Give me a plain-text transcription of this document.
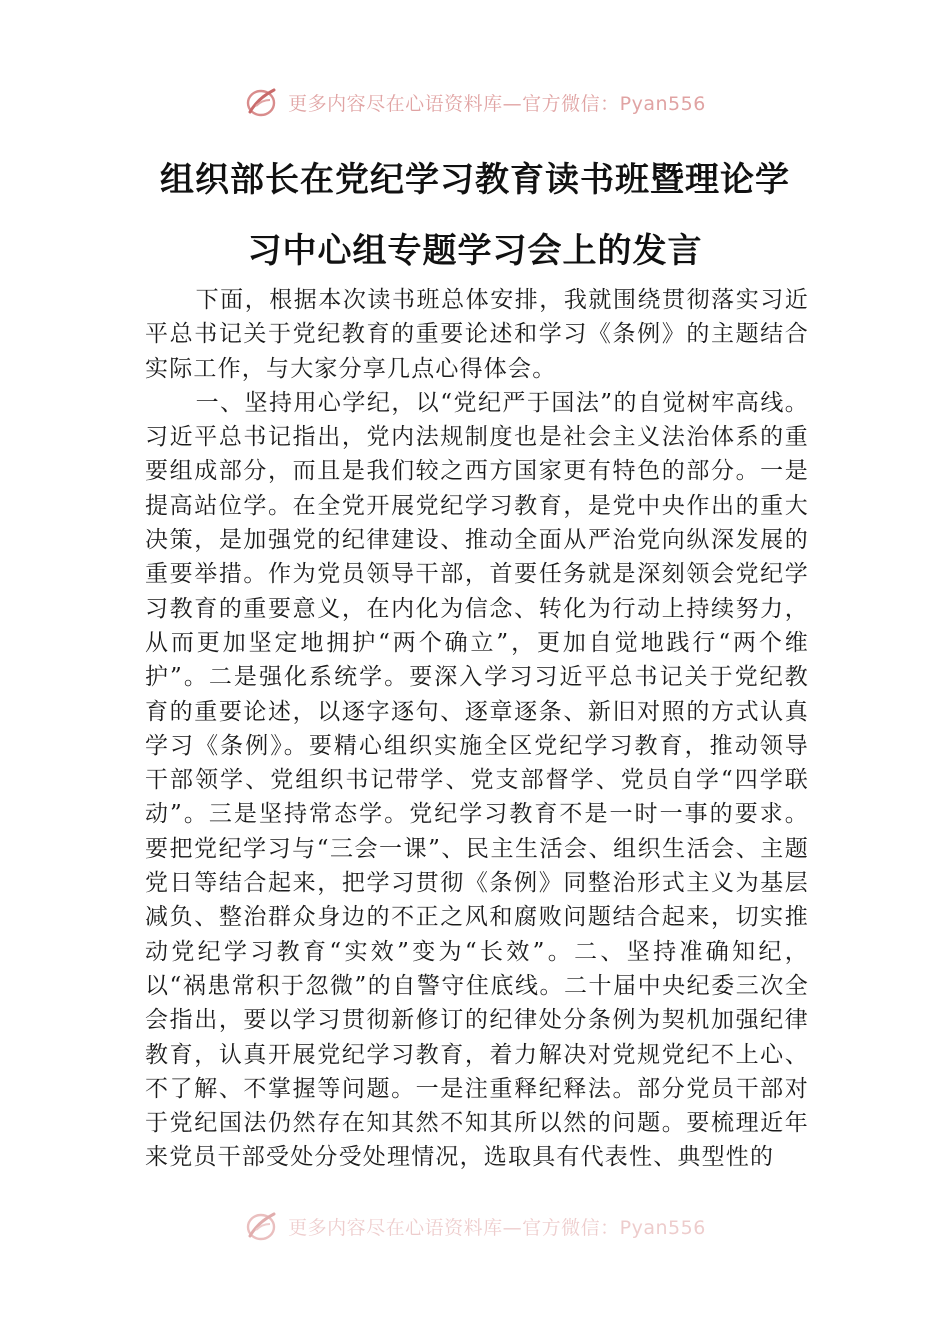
更多内容尽在心语资料库—官方微信：Pyan556
组织部长在党纪学习教育读书班暨理论学
习中心组专题学习会上的发言

下面，根据本次读书班总体安排，我就围绕贯彻落实习近平总书记关于党纪教育的重要论述和学习《条例》的主题结合实际工作，与大家分享几点心得体会。

一、坚持用心学纪，以“党纪严于国法”的自觉树牢高线。习近平总书记指出，党内法规制度也是社会主义法治体系的重要组成部分，而且是我们较之西方国家更有特色的部分。一是提高站位学。在全党开展党纪学习教育，是党中央作出的重大决策，是加强党的纪律建设、推动全面从严治党向纵深发展的重要举措。作为党员领导干部，首要任务就是深刻领会党纪学习教育的重要意义，在内化为信念、转化为行动上持续努力，从而更加坚定地拥护“两个确立”，更加自觉地践行“两个维护”。二是强化系统学。要深入学习习近平总书记关于党纪教育的重要论述，以逐字逐句、逐章逐条、新旧对照的方式认真学习《条例》。要精心组织实施全区党纪学习教育，推动领导干部领学、党组织书记带学、党支部督学、党员自学“四学联动”。三是坚持常态学。党纪学习教育不是一时一事的要求。要把党纪学习与“三会一课”、民主生活会、组织生活会、主题党日等结合起来，把学习贯彻《条例》同整治形式主义为基层减负、整治群众身边的不正之风和腐败问题结合起来，切实推动党纪学习教育“实效”变为“长效”。二、坚持准确知纪，以“祸患常积于忽微”的自警守住底线。二十届中央纪委三次全会指出，要以学习贯彻新修订的纪律处分条例为契机加强纪律教育，认真开展党纪学习教育，着力解决对党规党纪不上心、不了解、不掌握等问题。一是注重释纪释法。部分党员干部对于党纪国法仍然存在知其然不知其所以然的问题。要梳理近年来党员干部受处分受处理情况，选取具有代表性、典型性的

更多内容尽在心语资料库—官方微信：Pyan556
